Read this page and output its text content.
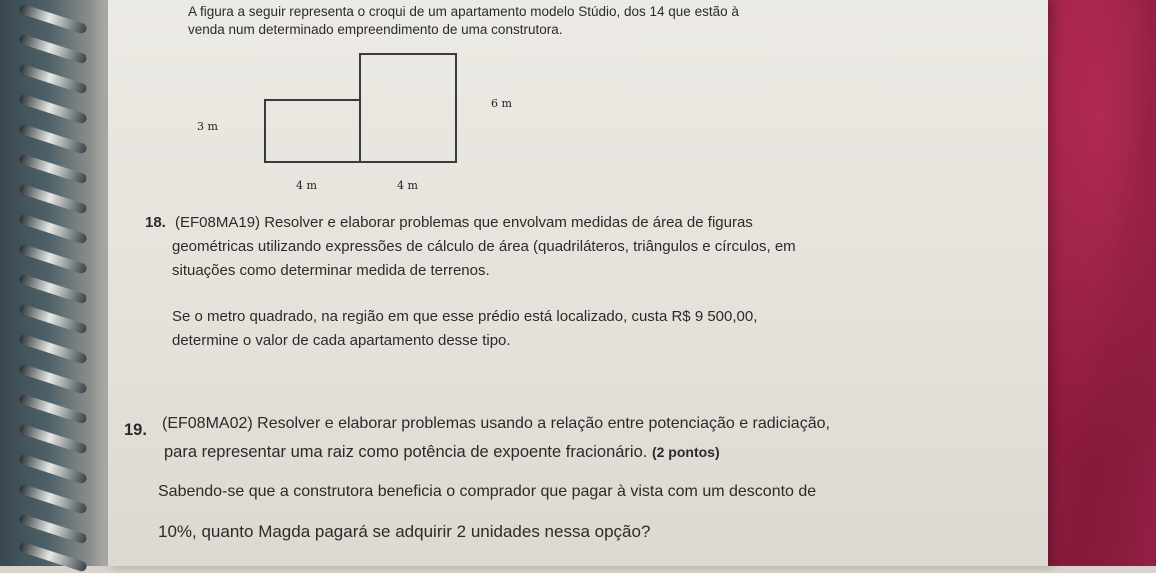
A figura a seguir representa o croqui de um apartamento modelo Stúdio, dos 14 que estão à
venda num determinado empreendimento de uma construtora.
3 m
6 m
4 m	4 m
18. (EF08MA19) Resolver e elaborar problemas que envolvam medidas de área de figuras
geométricas utilizando expressões de cálculo de área (quadriláteros, triângulos e círculos, em
situações como determinar medida de terrenos.
Se o metro quadrado, na região em que esse prédio está localizado, custa R$ 9 500,00,
determine o valor de cada apartamento desse tipo.
19. (EF08MA02) Resolver e elaborar problemas usando a relação entre potenciação e radiciação,
para representar uma raiz como potência de expoente fracionário. (2 pontos)
Sabendo-se que a construtora beneficia o comprador que pagar à vista com um desconto de
10%, quanto Magda pagará se adquirir 2 unidades nessa opção?
